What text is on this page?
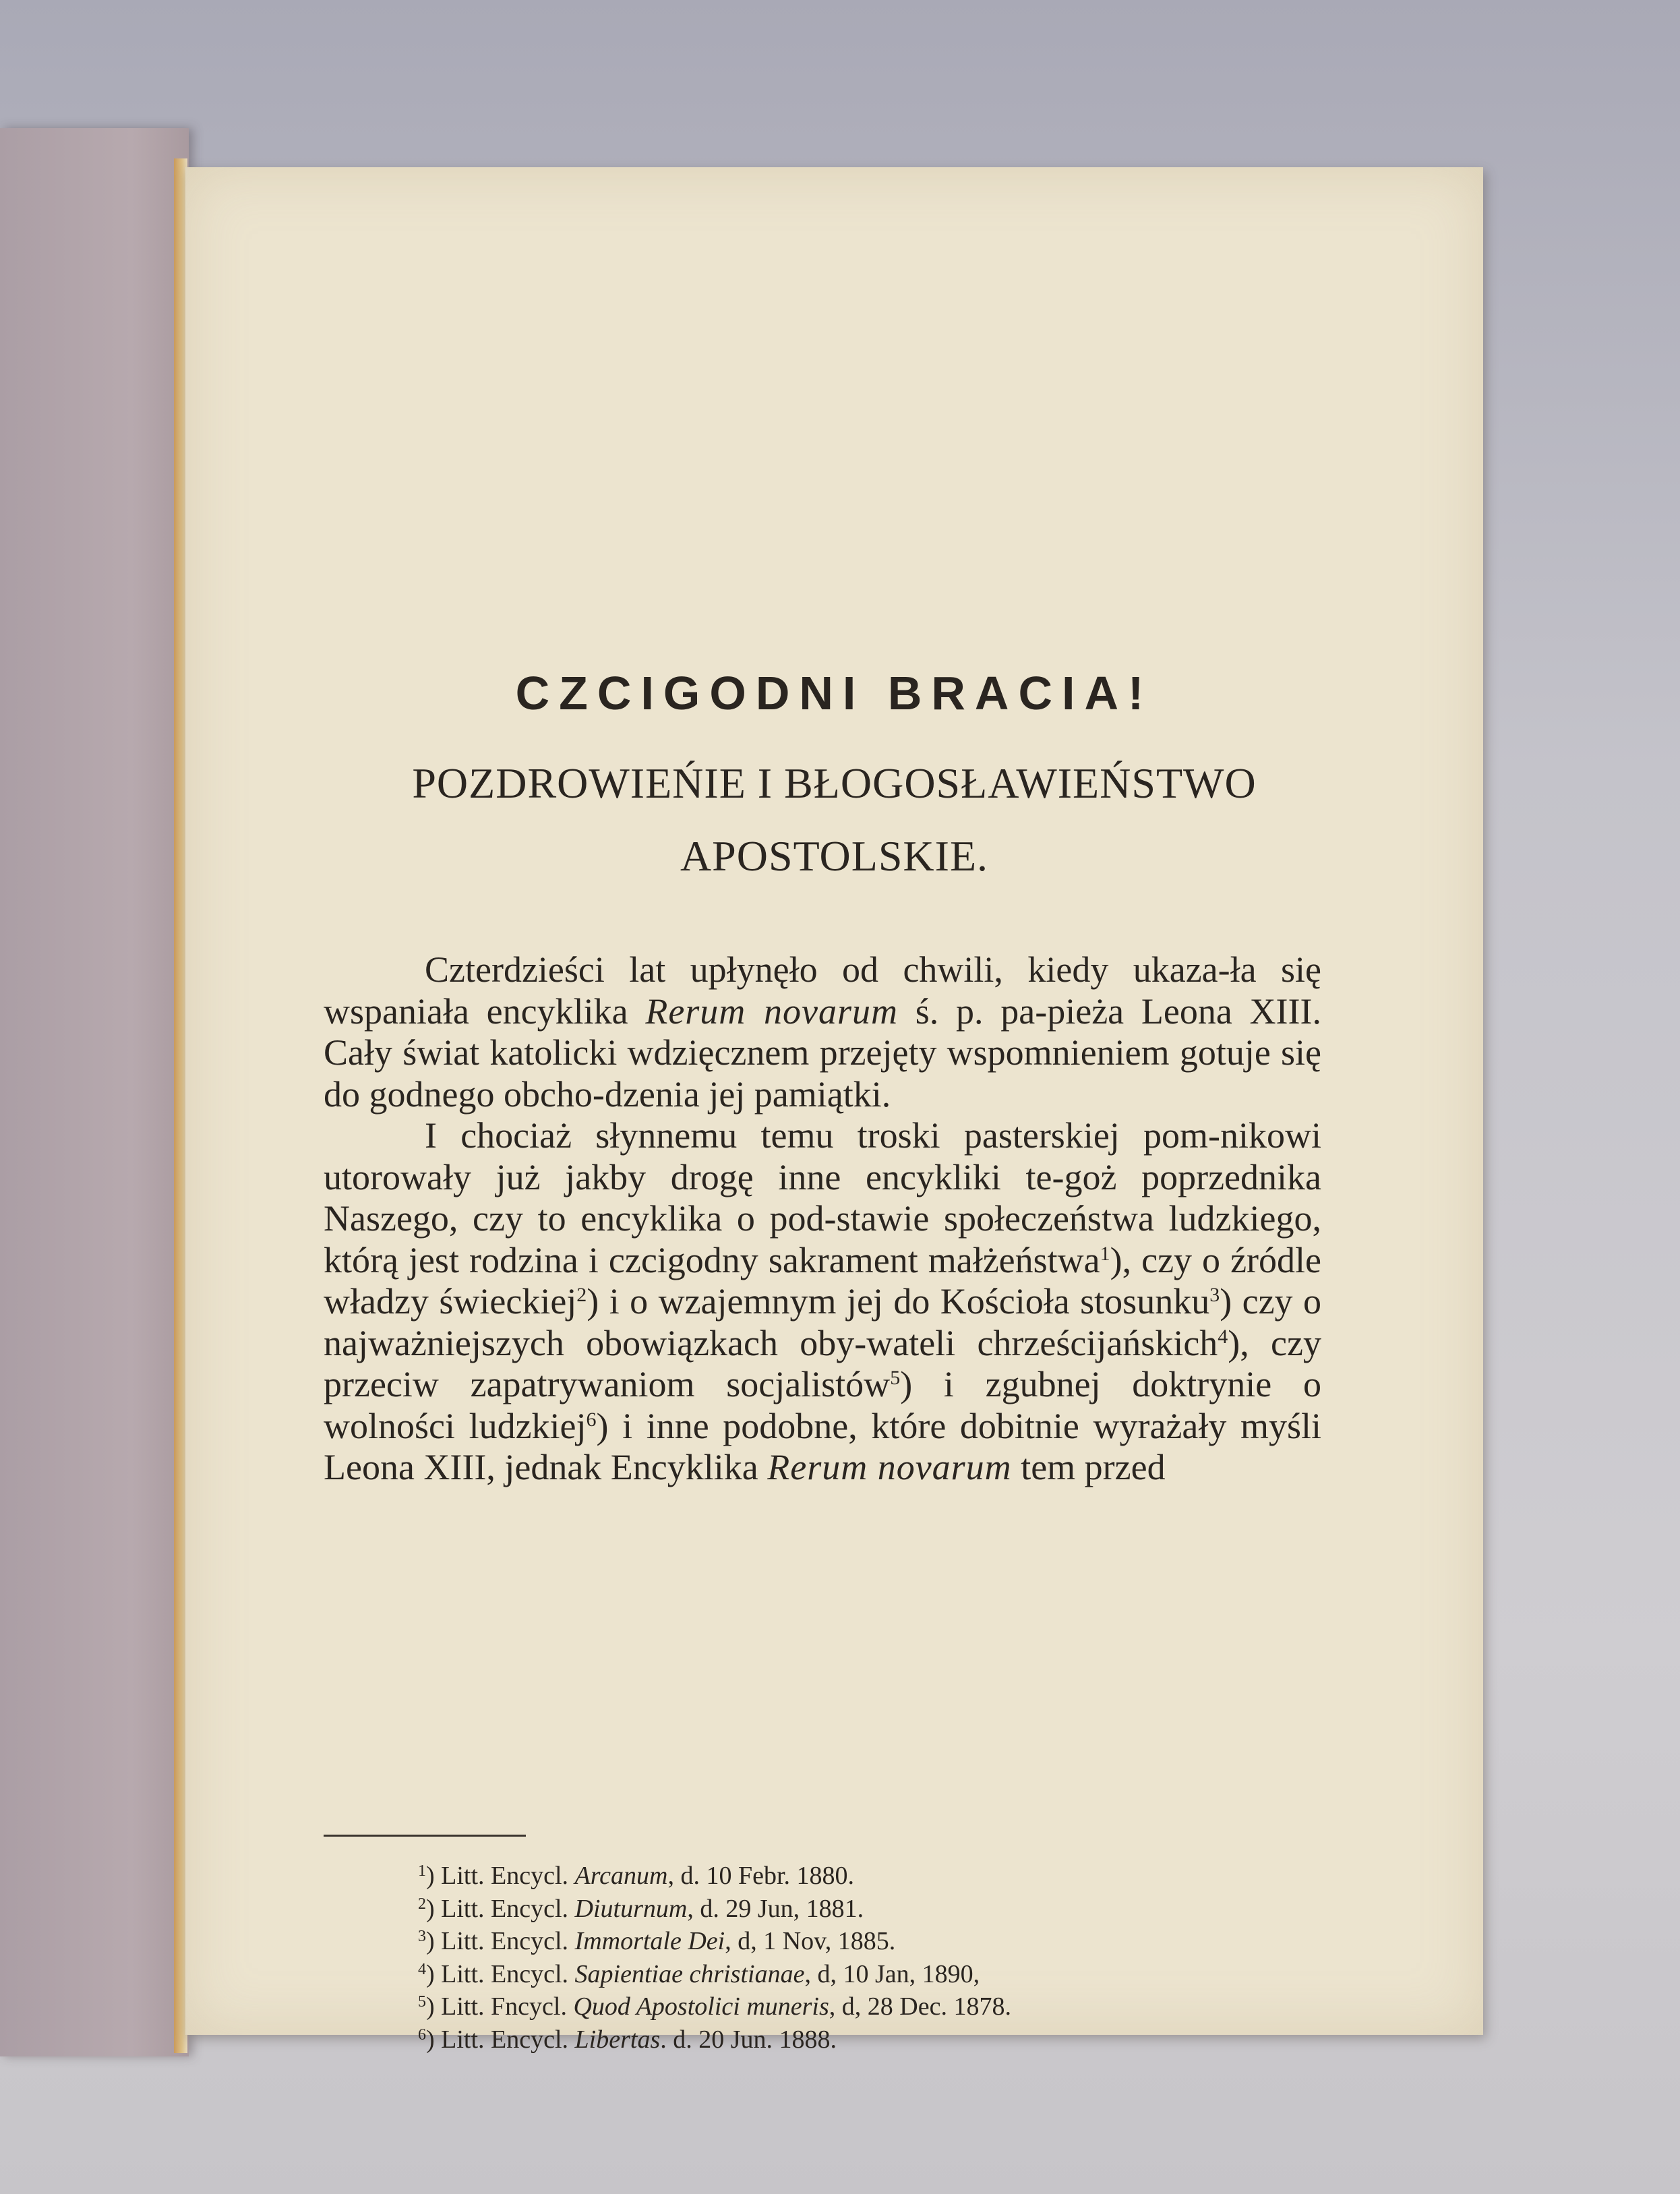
CZCIGODNI BRACIA!
POZDROWIEŃIE I BŁOGOSŁAWIEŃSTWO
APOSTOLSKIE.

Czterdzieści lat upłynęło od chwili, kiedy ukaza-ła się wspaniała encyklika Rerum novarum ś. p. pa-pieża Leona XIII. Cały świat katolicki wdzięcznem przejęty wspomnieniem gotuje się do godnego obcho-dzenia jej pamiątki.

I chociaż słynnemu temu troski pasterskiej pom-nikowi utorowały już jakby drogę inne encykliki te-goż poprzednika Naszego, czy to encyklika o pod-stawie społeczeństwa ludzkiego, którą jest rodzina i czcigodny sakrament małżeństwa$^1$), czy o źródle władzy świeckiej$^2$) i o wzajemnym jej do Kościoła stosunku$^3$) czy o najważniejszych obowiązkach oby-wateli chrześcijańskich$^4$), czy przeciw zapatrywaniom socjalistów$^5$) i zgubnej doktrynie o wolności ludzkiej$^6$) i inne podobne, które dobitnie wyrażały myśli Leona XIII, jednak Encyklika Rerum novarum tem przed

$^1$) Litt. Encycl. Arcanum, d. 10 Febr. 1880.
$^2$) Litt. Encycl. Diuturnum, d. 29 Jun, 1881.
$^3$) Litt. Encycl. Immortale Dei, d, 1 Nov, 1885.
$^4$) Litt. Encycl. Sapientiae christianae, d, 10 Jan, 1890,
$^5$) Litt. Fncycl. Quod Apostolici muneris, d, 28 Dec. 1878.
$^6$) Litt. Encycl. Libertas. d. 20 Jun. 1888.
